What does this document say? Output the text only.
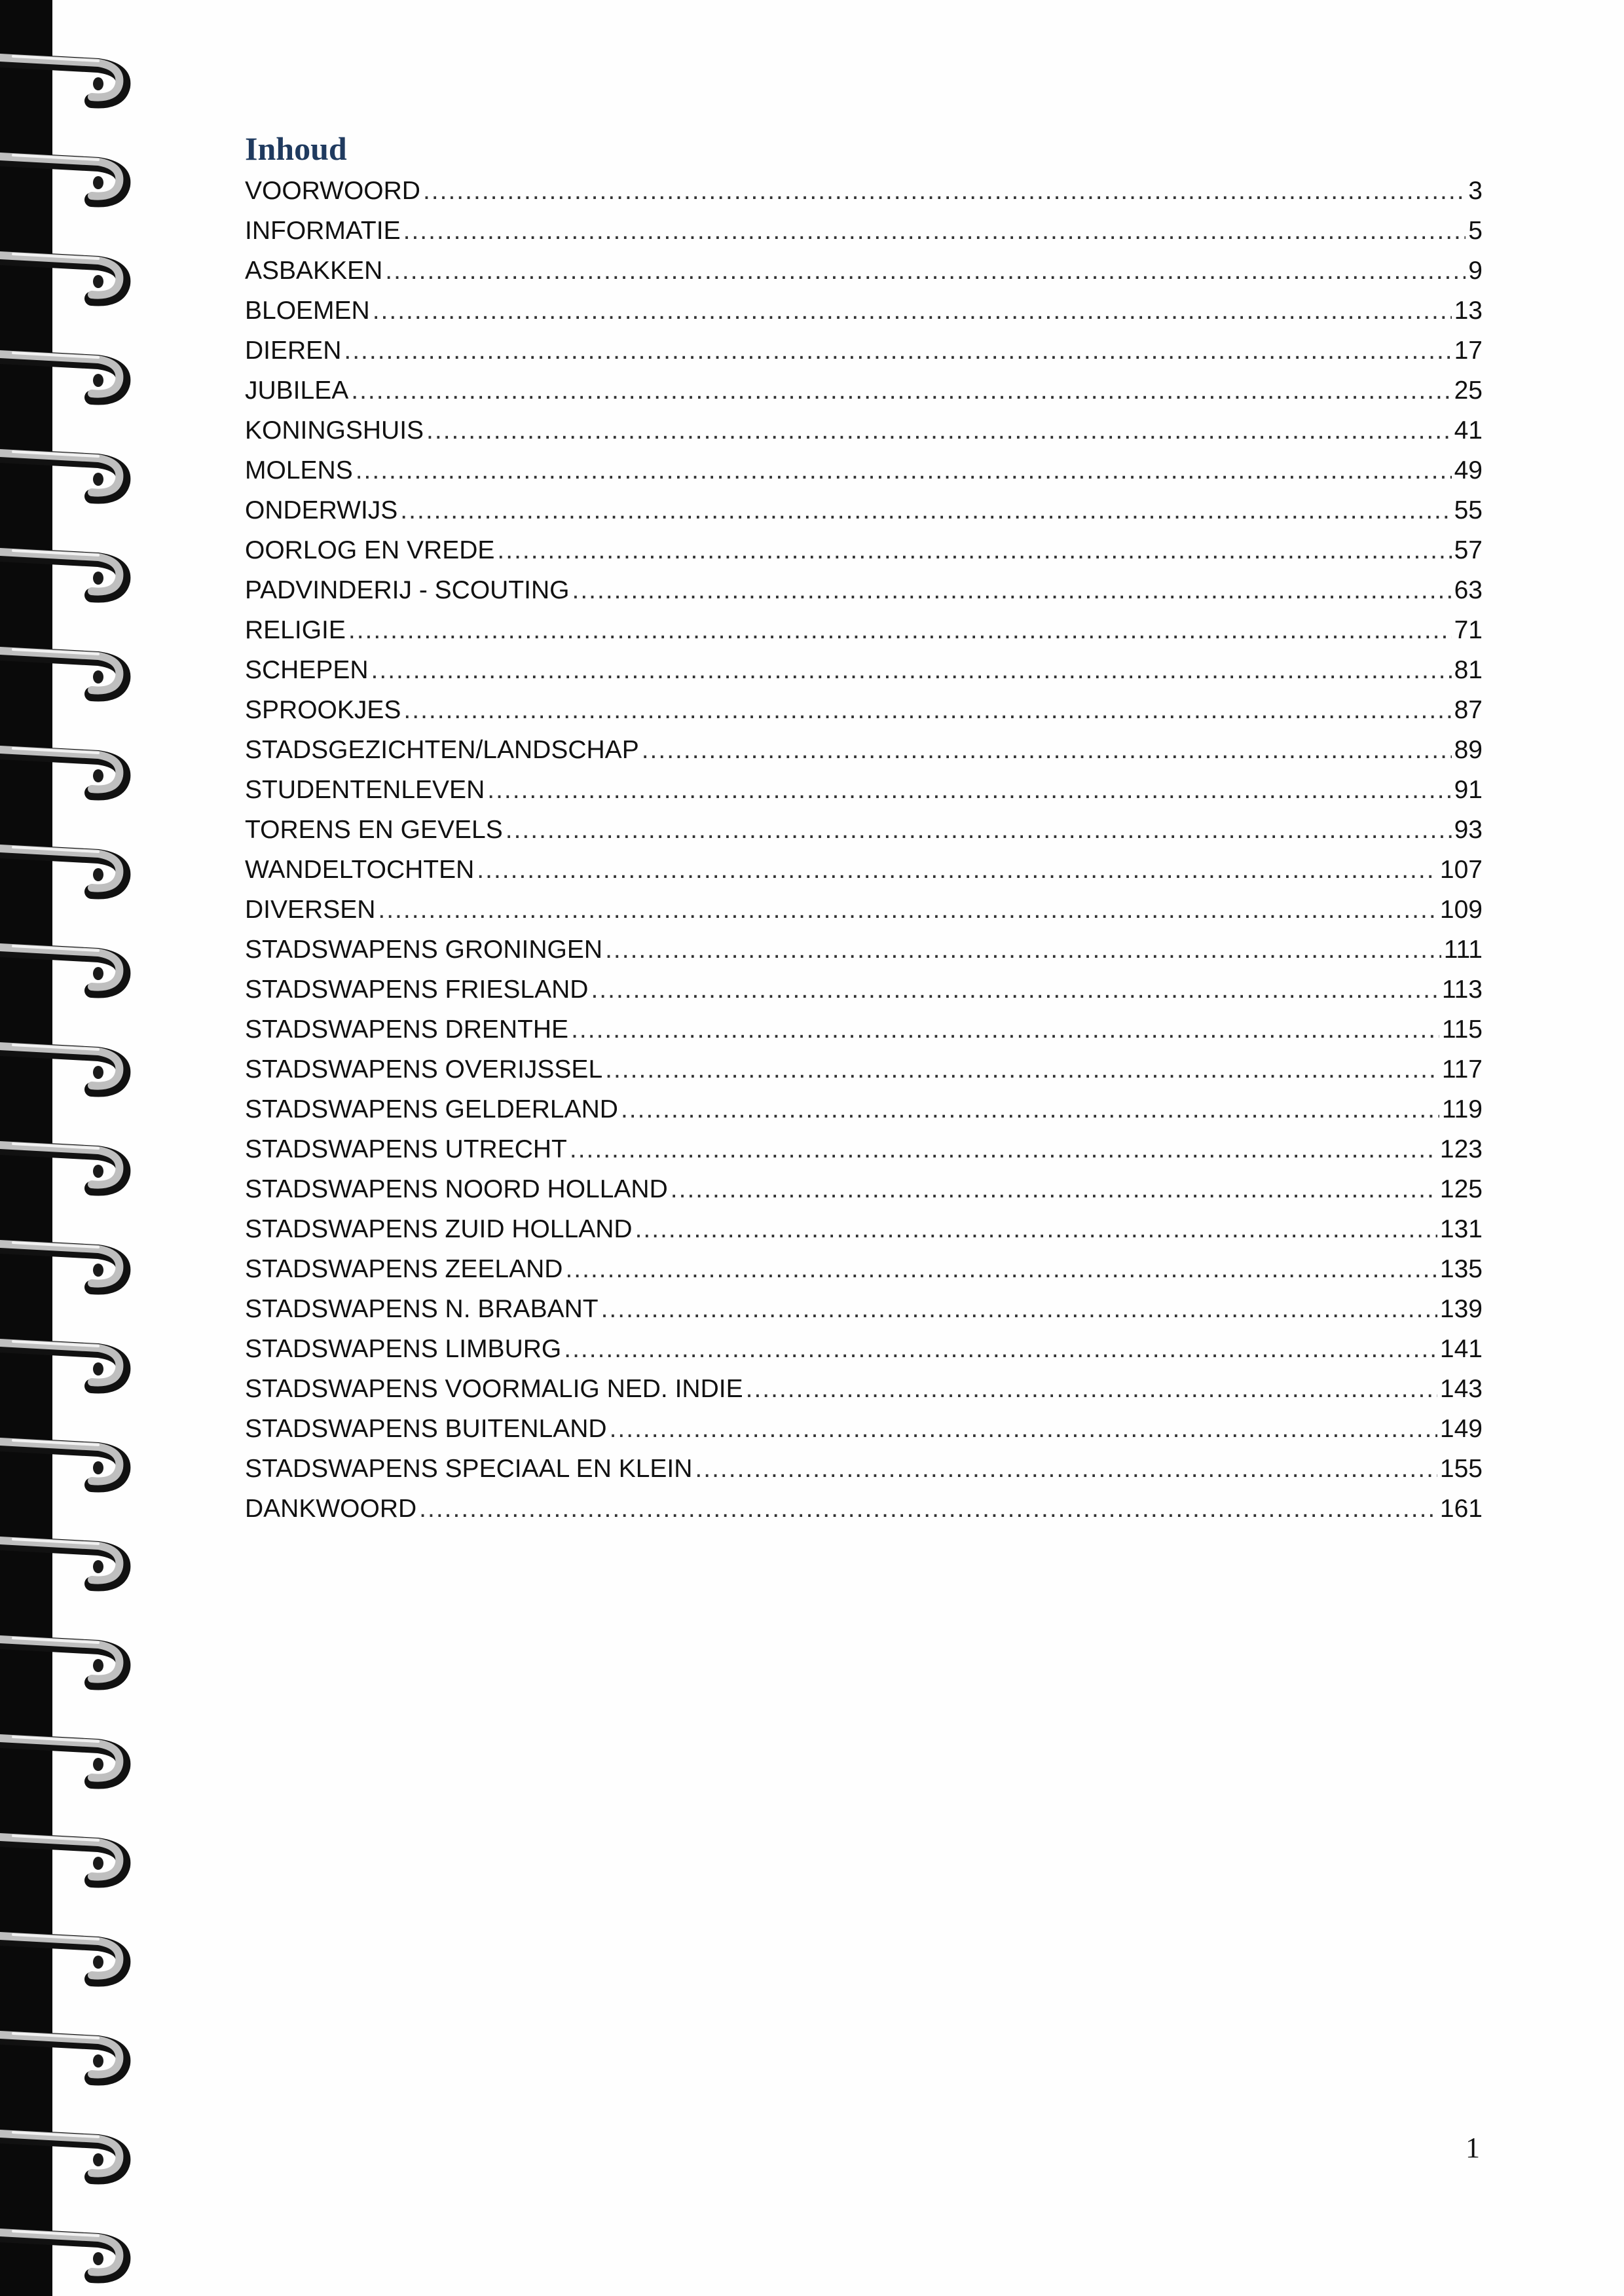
Inhoud
VOORWOORD .....	3
INFORMATIE .....	5
ASBAKKEN .....	9
BLOEMEN .....	13
DIEREN .....	17
JUBILEA .....	25
KONINGSHUIS .....	41
MOLENS .....	49
ONDERWIJS .....	55
OORLOG EN VREDE .....	57
PADVINDERIJ - SCOUTING .....	63
RELIGIE .....	71
SCHEPEN .....	81
SPROOKJES .....	87
STADSGEZICHTEN/LANDSCHAP .....	89
STUDENTENLEVEN .....	91
TORENS EN GEVELS .....	93
WANDELTOCHTEN .....	107
DIVERSEN .....	109
STADSWAPENS GRONINGEN .....	111
STADSWAPENS FRIESLAND .....	113
STADSWAPENS DRENTHE .....	115
STADSWAPENS OVERIJSSEL .....	117
STADSWAPENS GELDERLAND .....	119
STADSWAPENS UTRECHT .....	123
STADSWAPENS NOORD HOLLAND .....	125
STADSWAPENS ZUID HOLLAND .....	131
STADSWAPENS ZEELAND .....	135
STADSWAPENS N. BRABANT .....	139
STADSWAPENS LIMBURG .....	141
STADSWAPENS VOORMALIG NED. INDIE .....	143
STADSWAPENS BUITENLAND .....	149
STADSWAPENS SPECIAAL EN KLEIN .....	155
DANKWOORD .....	161
1
